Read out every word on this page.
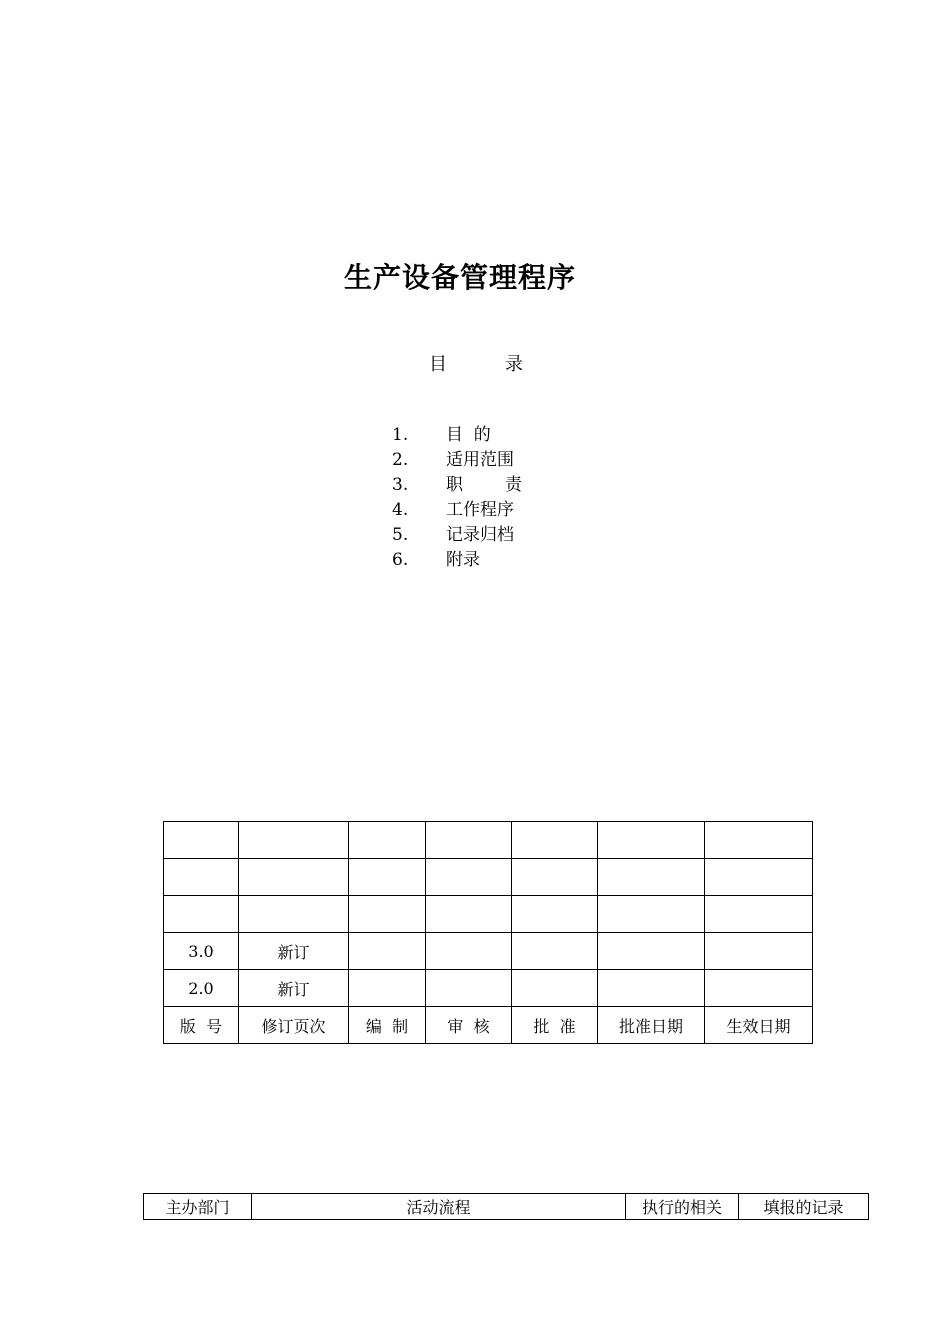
生产设备管理程序
目	录
1. 目  的
2. 适用范围
3. 职  责
4. 工作程序
5. 记录归档
6. 附录

3.0	新订					
2.0	新订					
版  号	修订页次	编  制	审  核	批  准	批准日期	生效日期
主办部门	活动流程	执行的相关	填报的记录
